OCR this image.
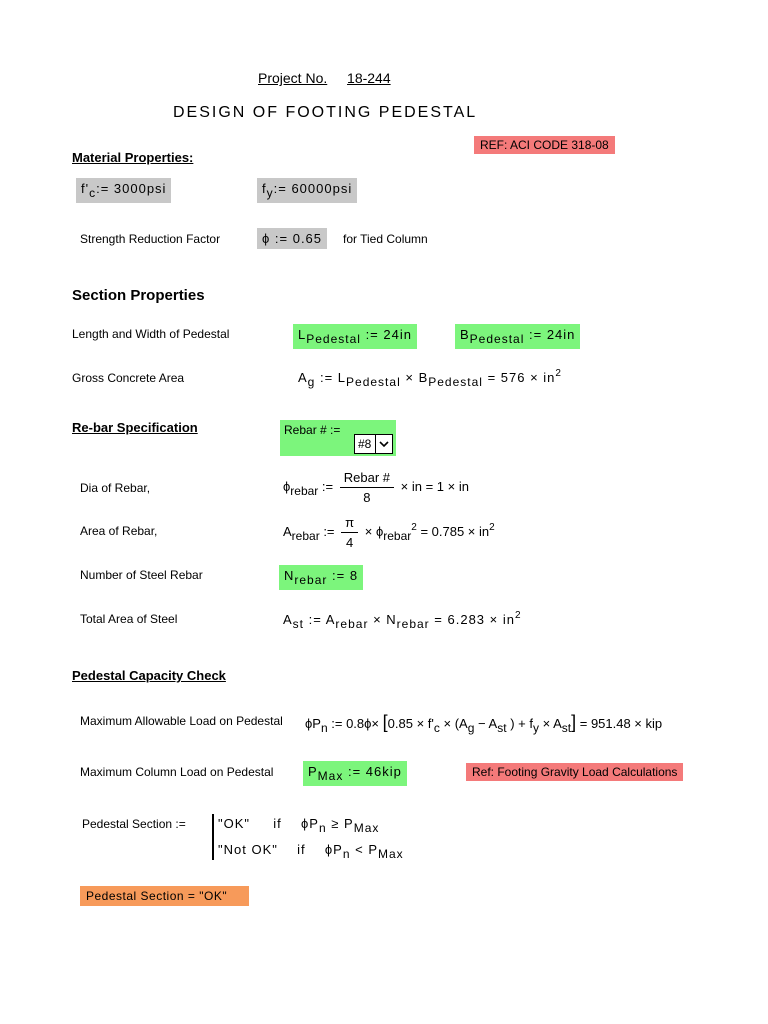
Project No. 18-244
DESIGN OF FOOTING PEDESTAL
REF: ACI CODE 318-08
Material Properties:
$f'_c:= 3000psi$	$f_y:= 60000psi$
Strength Reduction Factor	ϕ := 0.65	for Tied Column
Section Properties
Length and Width of Pedestal	$L_{Pedestal}$ := 24in	$B_{Pedestal}$ := 24in
Gross Concrete Area	$A_g$ := $L_{Pedestal} \times B_{Pedestal} = 576 \times in^2$
Re-bar Specification	Rebar # :=
#8
Dia of Rebar,	$\phi_{rebar}$ := $\frac{\text{Rebar \#}}{8}$ × in = 1 × in
Area of Rebar,	$A_{rebar}$ := $\frac{\pi}{4} \times \phi_{rebar}^2 = 0.785 \times in^2$
Number of Steel Rebar	$N_{rebar}$ := 8
Total Area of Steel	$A_{st}$ := $A_{rebar} \times N_{rebar} = 6.283 \times in^2$
Pedestal Capacity Check
Maximum Allowable Load on Pedestal $\phi P_n$ := $0.8\phi\times [0.85 \times f'_c \times (A_g - A_{st}$ ) + $f_y \times A_{st}] = 951.48$ × kip
Maximum Column Load on Pedestal	$P_{Max}$ := 46kip	Ref: Footing Gravity Load Calculations
Pedestal Section := "OK" if $\phi P_n \ge P_{Max}$
"Not OK" if $\phi P_n < P_{Max}$
Pedestal Section = "OK"
